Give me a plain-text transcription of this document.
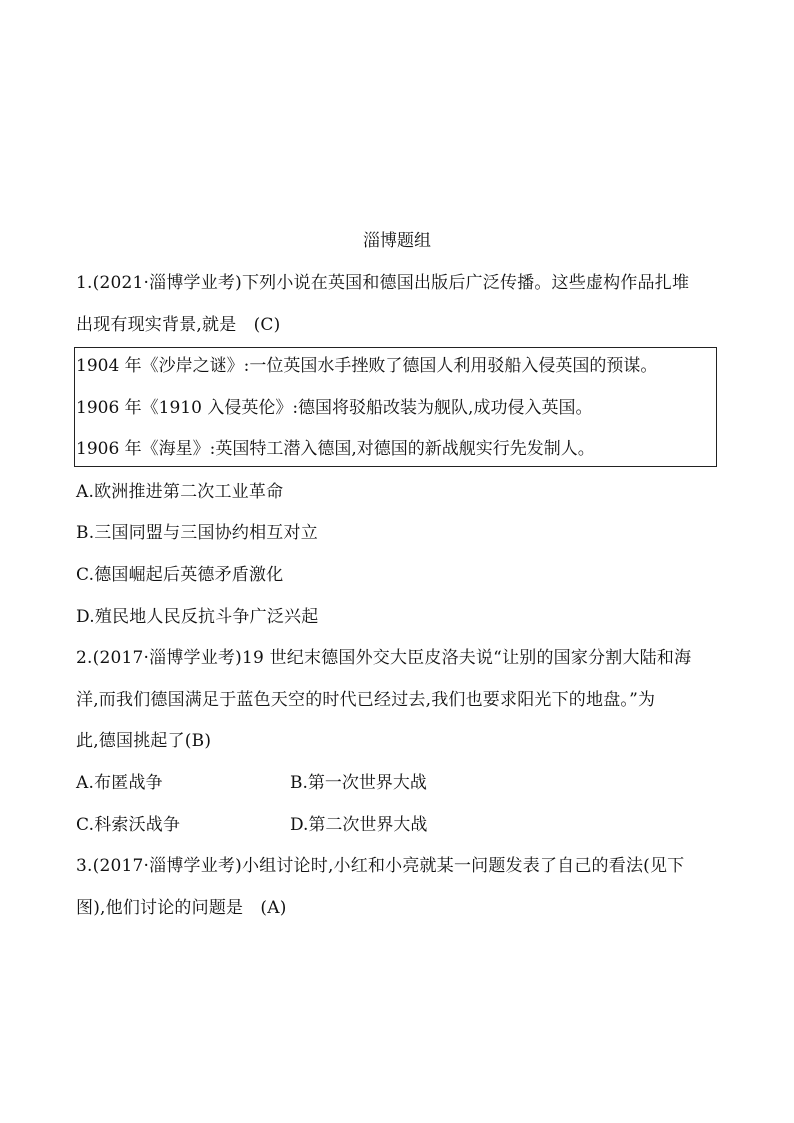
淄博题组
1.(2021·淄博学业考)下列小说在英国和德国出版后广泛传播。这些虚构作品扎堆
出现有现实背景,就是　(C)
1904 年《沙岸之谜》:一位英国水手挫败了德国人利用驳船入侵英国的预谋。
1906 年《1910 入侵英伦》:德国将驳船改装为舰队,成功侵入英国。
1906 年《海星》:英国特工潜入德国,对德国的新战舰实行先发制人。
A.欧洲推进第二次工业革命
B.三国同盟与三国协约相互对立
C.德国崛起后英德矛盾激化
D.殖民地人民反抗斗争广泛兴起
2.(2017·淄博学业考)19 世纪末德国外交大臣皮洛夫说“让别的国家分割大陆和海
洋,而我们德国满足于蓝色天空的时代已经过去,我们也要求阳光下的地盘。”为
此,德国挑起了(B)
A.布匿战争	B.第一次世界大战
C.科索沃战争	D.第二次世界大战
3.(2017·淄博学业考)小组讨论时,小红和小亮就某一问题发表了自己的看法(见下
图),他们讨论的问题是　(A)
